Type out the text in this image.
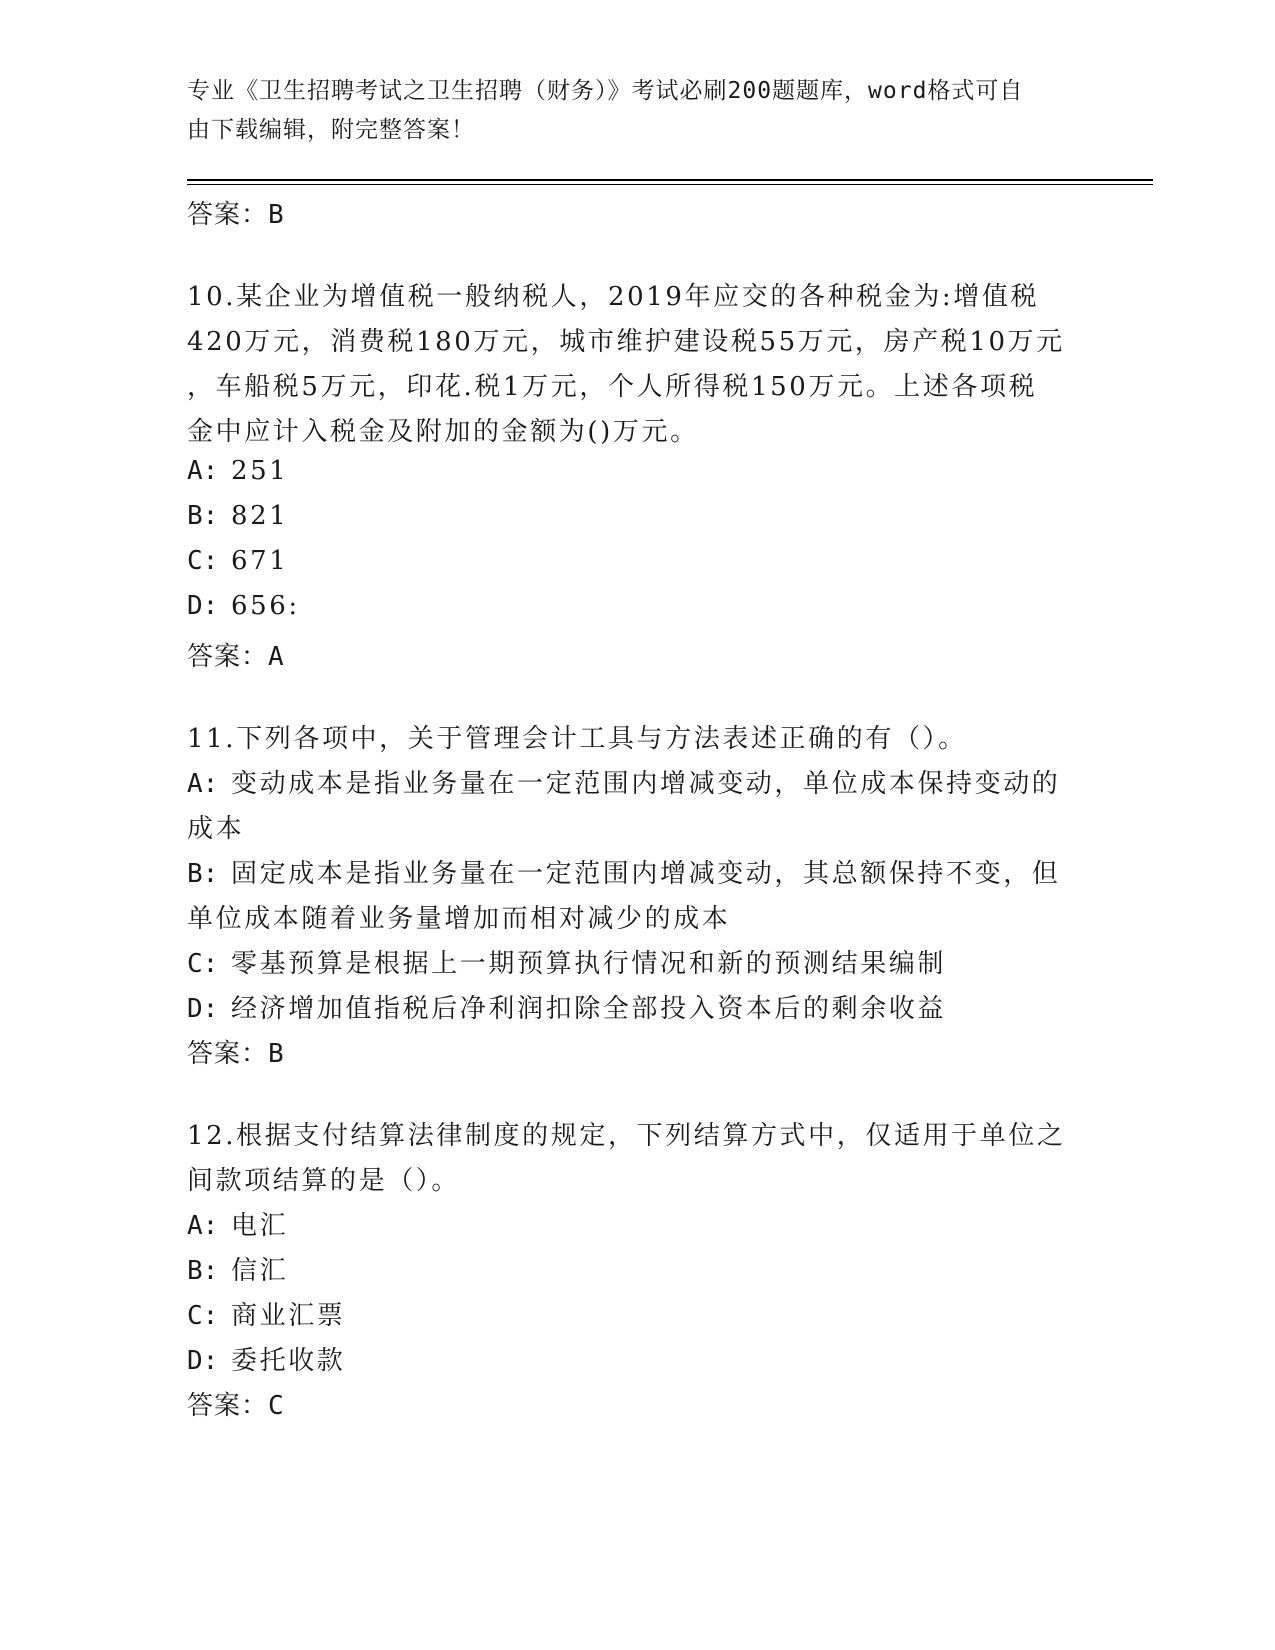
专业《卫生招聘考试之卫生招聘（财务）》考试必刷200题题库，word格式可自
由下载编辑，附完整答案！
答案：B
10.某企业为增值税一般纳税人，2019年应交的各种税金为:增值税
420万元，消费税180万元，城市维护建设税55万元，房产税10万元
，车船税5万元，印花.税1万元，个人所得税150万元。上述各项税
金中应计入税金及附加的金额为()万元。
A: 251
B: 821
C: 671
D: 656:
答案：A
11.下列各项中，关于管理会计工具与方法表述正确的有（）。
A: 变动成本是指业务量在一定范围内增减变动，单位成本保持变动的
成本
B: 固定成本是指业务量在一定范围内增减变动，其总额保持不变，但
单位成本随着业务量增加而相对减少的成本
C: 零基预算是根据上一期预算执行情况和新的预测结果编制
D: 经济增加值指税后净利润扣除全部投入资本后的剩余收益
答案：B
12.根据支付结算法律制度的规定，下列结算方式中，仅适用于单位之
间款项结算的是（）。
A: 电汇
B: 信汇
C: 商业汇票
D: 委托收款
答案：C
